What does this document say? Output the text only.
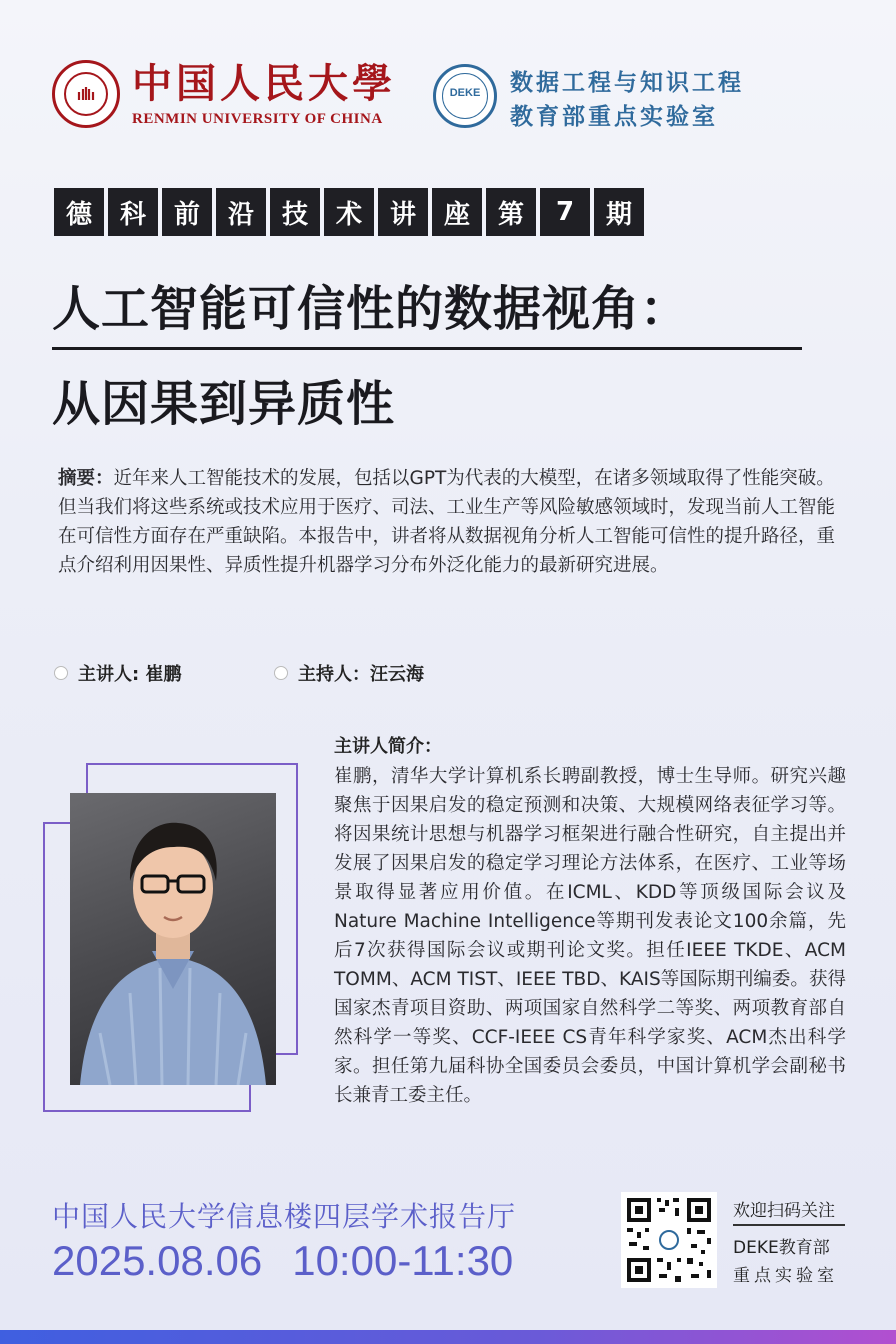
中国人民大學
RENMIN UNIVERSITY OF CHINA
DEKE	数据工程与知识工程
教育部重点实验室
德	科	前	沿	技	术	讲	座	第	7	期
人工智能可信性的数据视角：
从因果到异质性
摘要：近年来人工智能技术的发展，包括以GPT为代表的大模型，在诸多领域取得了性能突破。但当我们将这些系统或技术应用于医疗、司法、工业生产等风险敏感领域时，发现当前人工智能在可信性方面存在严重缺陷。本报告中，讲者将从数据视角分析人工智能可信性的提升路径，重点介绍利用因果性、异质性提升机器学习分布外泛化能力的最新研究进展。
主讲人: 崔鹏	主持人：汪云海
主讲人简介：
崔鹏，清华大学计算机系长聘副教授，博士生导师。研究兴趣聚焦于因果启发的稳定预测和决策、大规模网络表征学习等。将因果统计思想与机器学习框架进行融合性研究，自主提出并发展了因果启发的稳定学习理论方法体系，在医疗、工业等场景取得显著应用价值。在ICML、KDD等顶级国际会议及Nature Machine Intelligence等期刊发表论文100余篇，先后7次获得国际会议或期刊论文奖。担任IEEE TKDE、ACM TOMM、ACM TIST、IEEE TBD、KAIS等国际期刊编委。获得国家杰青项目资助、两项国家自然科学二等奖、两项教育部自然科学一等奖、CCF-IEEE CS青年科学家奖、ACM杰出科学家。担任第九届科协全国委员会委员，中国计算机学会副秘书长兼青工委主任。
中国人民大学信息楼四层学术报告厅
2025.08.06 10:00-11:30
欢迎扫码关注
DEKE教育部
重点实验室
